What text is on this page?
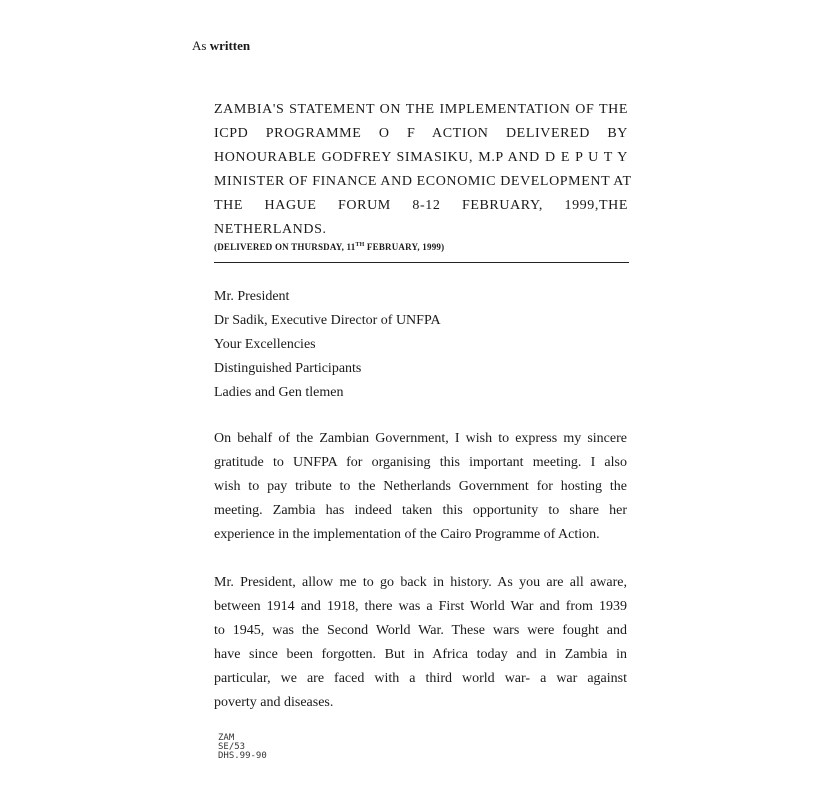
As written
ZAMBIA'S STATEMENT ON THE IMPLEMENTATION OF THE
ICPD PROGRAMME O F ACTION DELIVERED BY
HONOURABLE GODFREY SIMASIKU, M.P AND D E P U T Y
MINISTER OF FINANCE AND ECONOMIC DEVELOPMENT AT
THE HAGUE FORUM 8-12 FEBRUARY, 1999,THE
NETHERLANDS.
(DELIVERED ON THURSDAY, 11TH FEBRUARY, 1999)
Mr. President
Dr Sadik, Executive Director of UNFPA
Your Excellencies
Distinguished Participants
Ladies and Gen tlemen
On behalf of the Zambian Government, I wish to express my sincere
gratitude to UNFPA for organising this important meeting. I also
wish to pay tribute to the Netherlands Government for hosting the
meeting. Zambia has indeed taken this opportunity to share her
experience in the implementation of the Cairo Programme of Action.
Mr. President, allow me to go back in history. As you are all aware,
between 1914 and 1918, there was a First World War and from 1939
to 1945, was the Second World War. These wars were fought and
have since been forgotten. But in Africa today and in Zambia in
particular, we are faced with a third world war- a war against
poverty and diseases.
ZAM
SE/53
DHS.99-90
